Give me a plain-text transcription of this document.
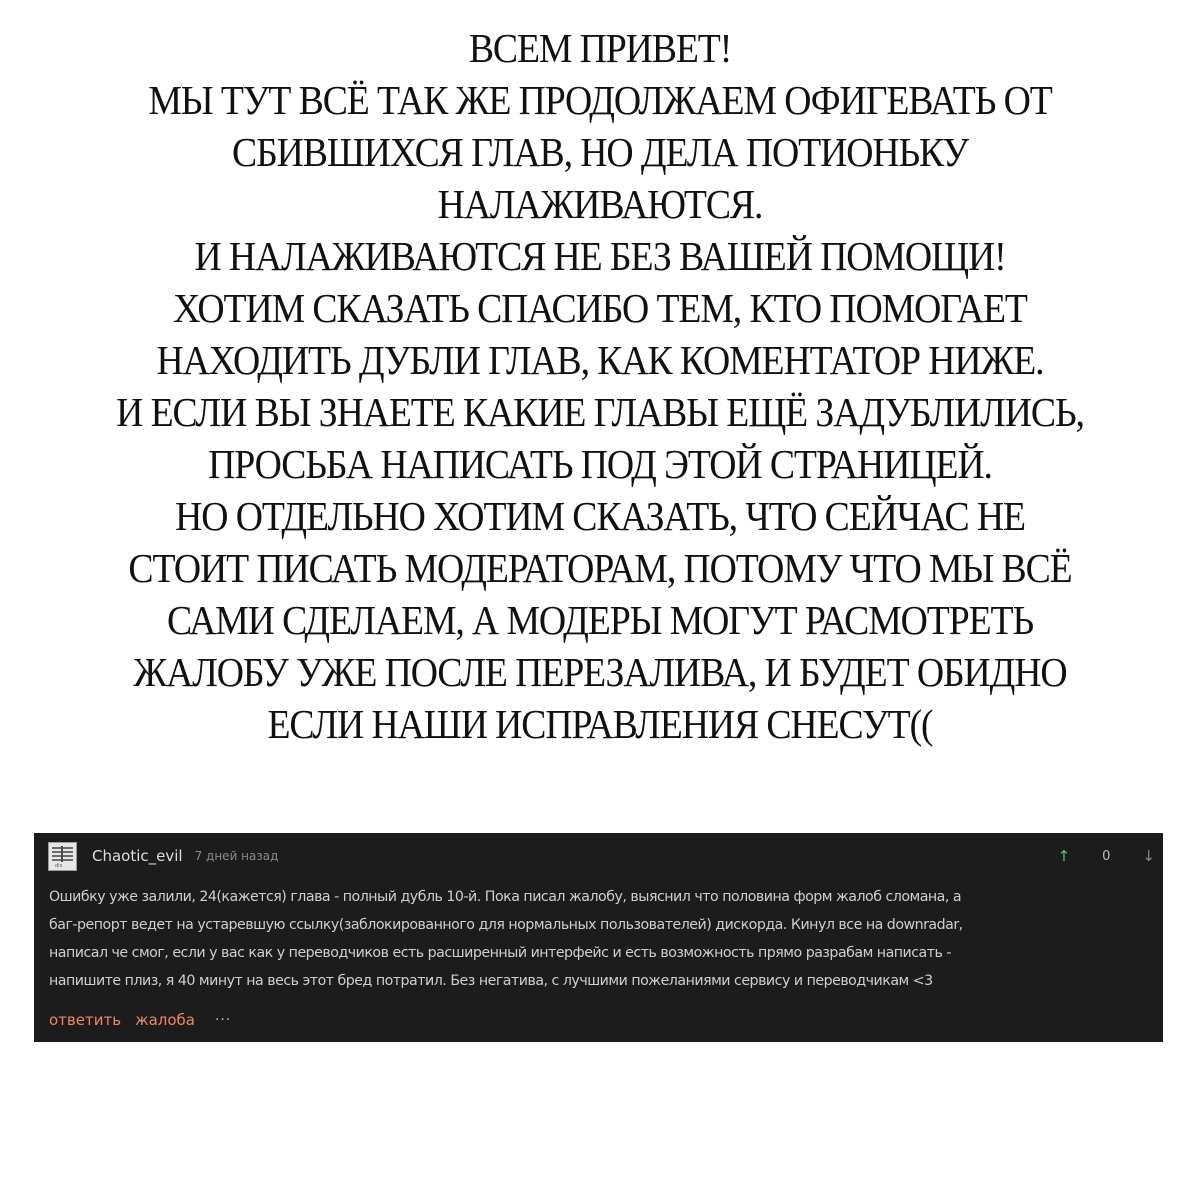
ВСЕМ ПРИВЕТ!
МЫ ТУТ ВСЁ ТАК ЖЕ ПРОДОЛЖАЕМ ОФИГЕВАТЬ ОТ
СБИВШИХСЯ ГЛАВ, НО ДЕЛА ПОТИОНЬКУ
НАЛАЖИВАЮТСЯ.
И НАЛАЖИВАЮТСЯ НЕ БЕЗ ВАШЕЙ ПОМОЩИ!
ХОТИМ СКАЗАТЬ СПАСИБО ТЕМ, КТО ПОМОГАЕТ
НАХОДИТЬ ДУБЛИ ГЛАВ, КАК КОМЕНТАТОР НИЖЕ.
И ЕСЛИ ВЫ ЗНАЕТЕ КАКИЕ ГЛАВЫ ЕЩЁ ЗАДУБЛИЛИСЬ,
ПРОСЬБА НАПИСАТЬ ПОД ЭТОЙ СТРАНИЦЕЙ.
НО ОТДЕЛЬНО ХОТИМ СКАЗАТЬ, ЧТО СЕЙЧАС НЕ
СТОИТ ПИСАТЬ МОДЕРАТОРАМ, ПОТОМУ ЧТО МЫ ВСЁ
САМИ СДЕЛАЕМ, А МОДЕРЫ МОГУТ РАСМОТРЕТЬ
ЖАЛОБУ УЖЕ ПОСЛЕ ПЕРЕЗАЛИВА, И БУДЕТ ОБИДНО
ЕСЛИ НАШИ ИСПРАВЛЕНИЯ СНЕСУТ((
dis
Chaotic_evil 7 дней назад	↑ 0 ↓
Ошибку уже залили, 24(кажется) глава - полный дубль 10-й. Пока писал жалобу, выяснил что половина форм жалоб сломана, а
баг-репорт ведет на устаревшую ссылку(заблокированного для нормальных пользователей) дискорда. Кинул все на downradar,
написал че смог, если у вас как у переводчиков есть расширенный интерфейс и есть возможность прямо разрабам написать -
напишите плиз, я 40 минут на весь этот бред потратил. Без негатива, с лучшими пожеланиями сервису и переводчикам <3
ответить жалоба ···
